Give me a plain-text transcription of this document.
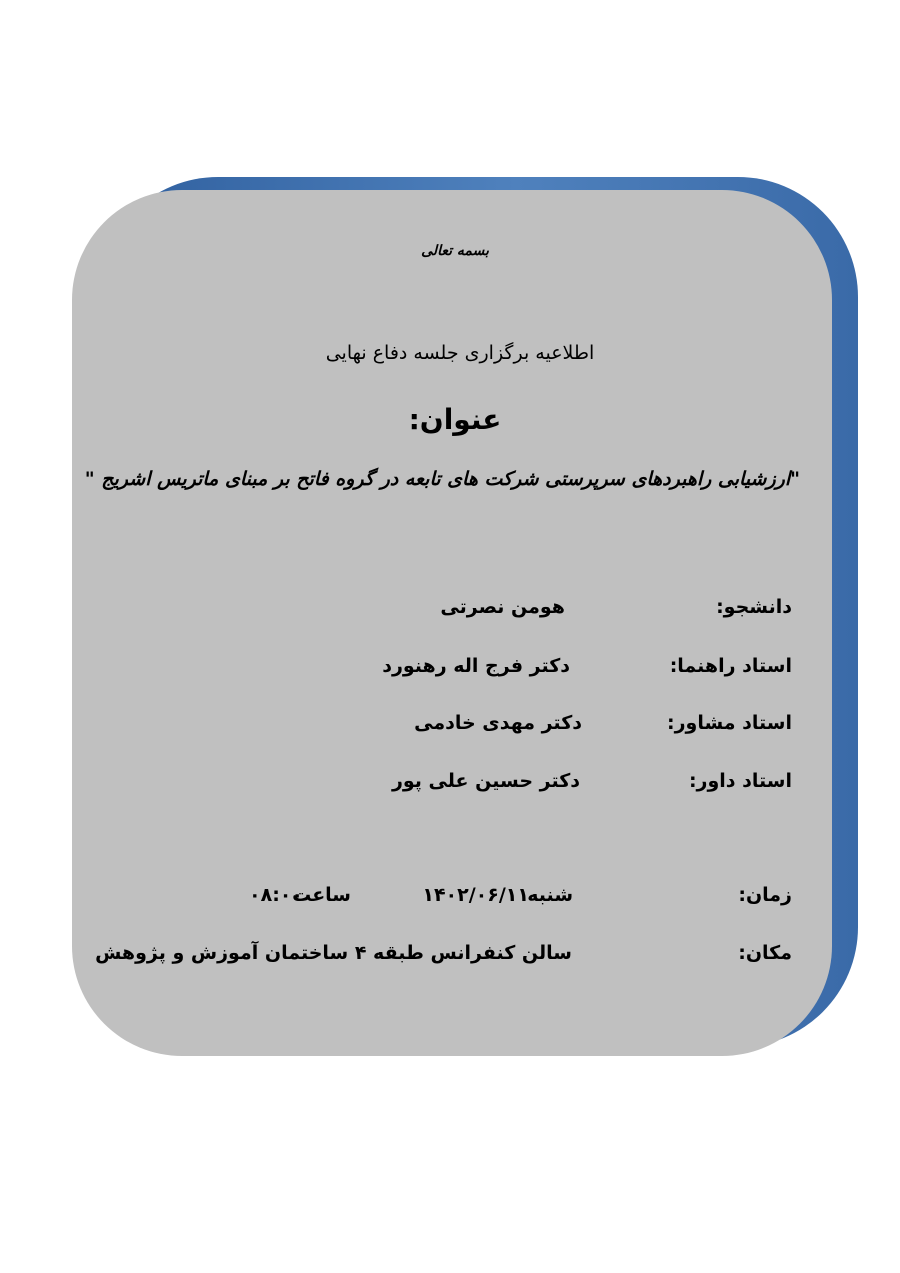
بسمه تعالی
اطلاعیه برگزاری جلسه دفاع نهایی
عنوان:
"ارزشیابی راهبردهای سرپرستی شرکت های تابعه در گروه فاتح بر مبنای ماتریس اشریج "
دانشجو:
هومن نصرتی
استاد راهنما:
دکتر فرج اله رهنورد
استاد مشاور:
دکتر مهدی خادمی
استاد داور:
دکتر حسین علی پور
زمان:
شنبه
۱۴۰۲/۰۶/۱۱
ساعت
۰۸:۰۰
مکان:
سالن کنفرانس طبقه ۴ ساختمان آموزش و پژوهش
